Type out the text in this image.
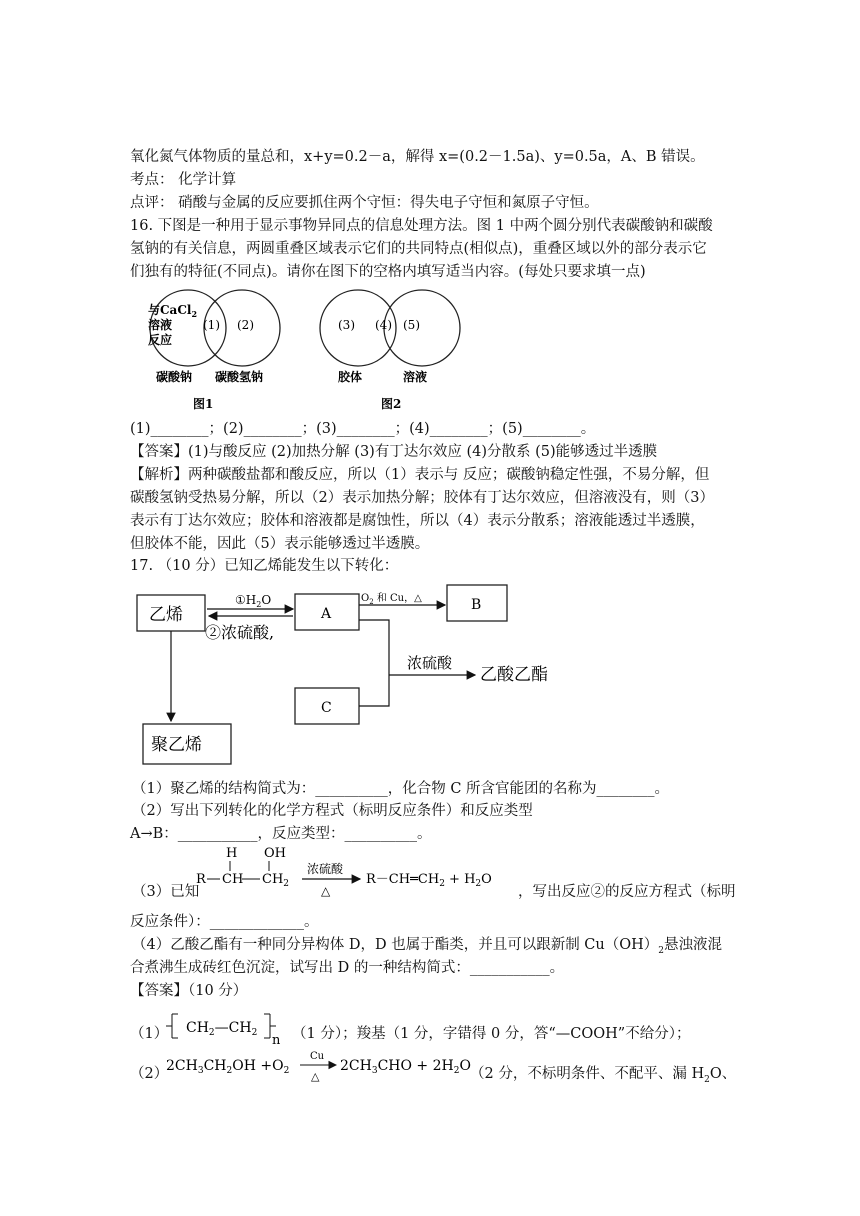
氧化氮气体物质的量总和，x+y=0.2－a，解得 x=(0.2－1.5a)、y=0.5a，A、B 错误。
考点： 化学计算
点评： 硝酸与金属的反应要抓住两个守恒：得失电子守恒和氮原子守恒。
16. 下图是一种用于显示事物异同点的信息处理方法。图 1 中两个圆分别代表碳酸钠和碳酸
氢钠的有关信息，两圆重叠区域表示它们的共同特点(相似点)，重叠区域以外的部分表示它
们独有的特征(不同点)。请你在图下的空格内填写适当内容。(每处只要求填一点)
与CaCl$_2$
溶液
反应
(1) (2)
碳酸钠 碳酸氢钠
图1
(3) (4) (5)
胶体	溶液
图2
(1)________；(2)________；(3)________；(4)________；(5)________。
【答案】(1)与酸反应 (2)加热分解 (3)有丁达尔效应 (4)分散系 (5)能够透过半透膜
【解析】两种碳酸盐都和酸反应，所以（1）表示与 反应；碳酸钠稳定性强，不易分解，但
碳酸氢钠受热易分解，所以（2）表示加热分解；胶体有丁达尔效应，但溶液没有，则（3）
表示有丁达尔效应；胶体和溶液都是腐蚀性，所以（4）表示分散系；溶液能透过半透膜，
但胶体不能，因此（5）表示能够透过半透膜。
17. （10 分）已知乙烯能发生以下转化：
乙烯	A
B
C
聚乙烯
$①H_2O$
②浓硫酸,
$O_2$ 和 Cu，△
浓硫酸
乙酸乙酯
（1）聚乙烯的结构简式为：__________，化合物 C 所含官能团的名称为________。
（2）写出下列转化的化学方程式（标明反应条件）和反应类型
A→B：___________，反应类型：__________。
（3）已知
H OH
R CH $CH_2$
浓硫酸
△
$R-CH═CH_2 + H_2O$
，写出反应②的反应方程式（标明
反应条件）：_____________。
（4）乙酸乙酯有一种同分异构体 D，D 也属于酯类，并且可以跟新制 $Cu(OH)_2$悬浊液混
合煮沸生成砖红色沉淀，试写出 D 的一种结构简式：___________。
【答案】（10 分）
（1） $CH_2—CH_2$ n （1 分）；羧基（1 分，字错得 0 分，答“—COOH”不给分）；
（2）
$2CH_3CH_2OH +O_2$
Cu
△
$2CH_3CHO + 2H_2O$ （2 分，不标明条件、不配平、漏 $H_2O$、
